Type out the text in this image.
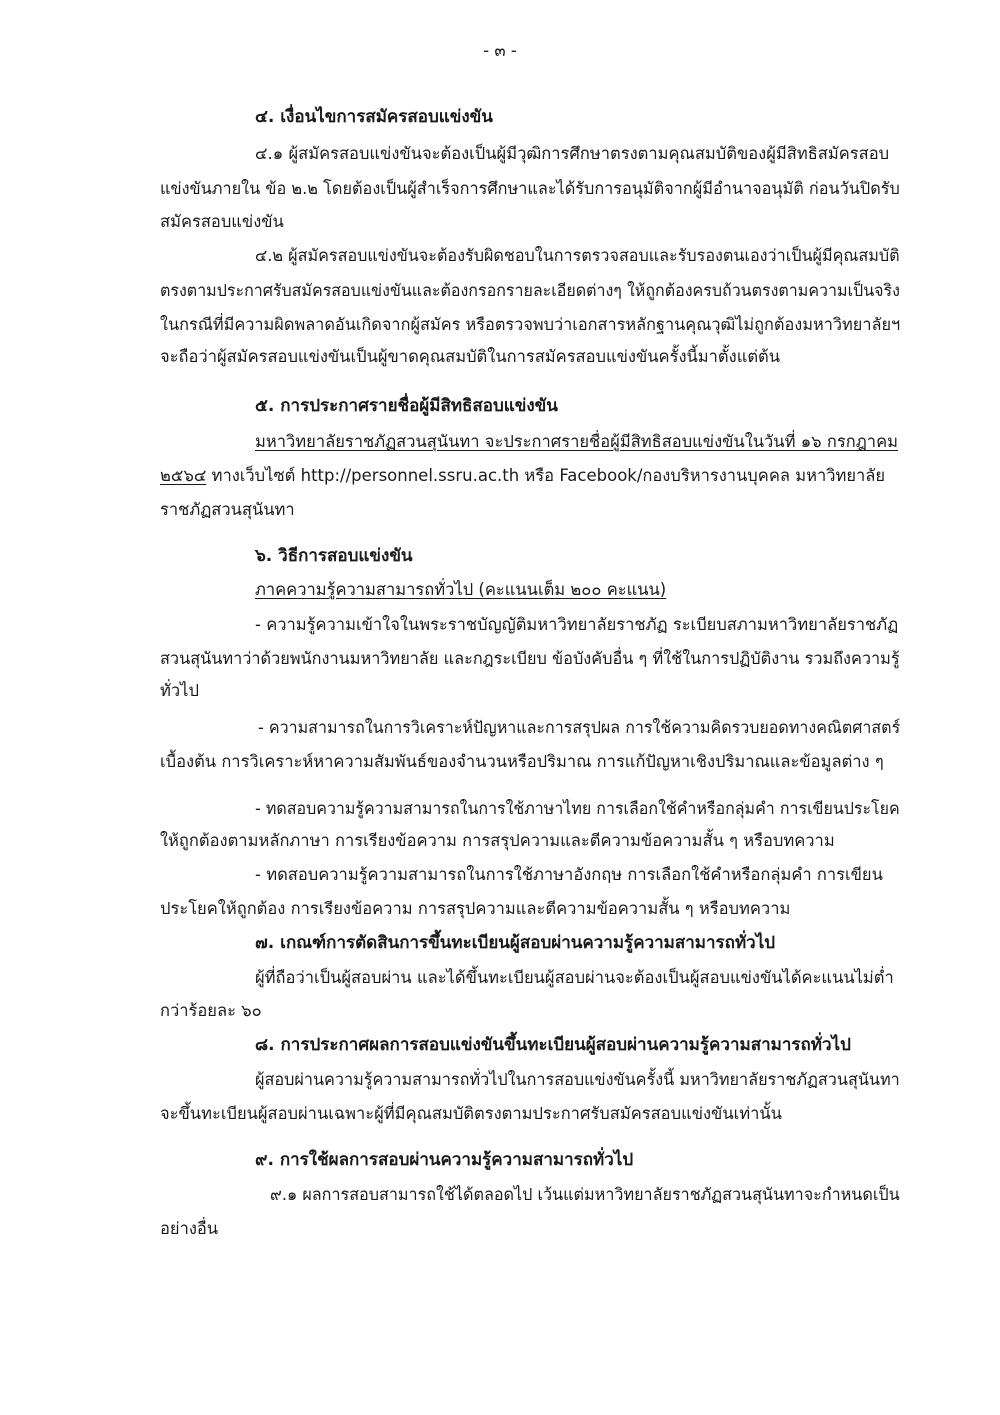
- ๓ -
๔. เงื่อนไขการสมัครสอบแข่งขัน
๔.๑ ผู้สมัครสอบแข่งขันจะต้องเป็นผู้มีวุฒิการศึกษาตรงตามคุณสมบัติของผู้มีสิทธิสมัครสอบ
แข่งขันภายใน ข้อ ๒.๒ โดยต้องเป็นผู้สำเร็จการศึกษาและได้รับการอนุมัติจากผู้มีอำนาจอนุมัติ ก่อนวันปิดรับ
สมัครสอบแข่งขัน
๔.๒ ผู้สมัครสอบแข่งขันจะต้องรับผิดชอบในการตรวจสอบและรับรองตนเองว่าเป็นผู้มีคุณสมบัติ
ตรงตามประกาศรับสมัครสอบแข่งขันและต้องกรอกรายละเอียดต่างๆ ให้ถูกต้องครบถ้วนตรงตามความเป็นจริง
ในกรณีที่มีความผิดพลาดอันเกิดจากผู้สมัคร หรือตรวจพบว่าเอกสารหลักฐานคุณวุฒิไม่ถูกต้องมหาวิทยาลัยฯ
จะถือว่าผู้สมัครสอบแข่งขันเป็นผู้ขาดคุณสมบัติในการสมัครสอบแข่งขันครั้งนี้มาตั้งแต่ต้น
๕. การประกาศรายชื่อผู้มีสิทธิสอบแข่งขัน
มหาวิทยาลัยราชภัฏสวนสุนันทา จะประกาศรายชื่อผู้มีสิทธิสอบแข่งขันในวันที่ ๑๖ กรกฎาคม
๒๕๖๔ ทางเว็บไซต์ http://personnel.ssru.ac.th หรือ Facebook/กองบริหารงานบุคคล มหาวิทยาลัย
ราชภัฏสวนสุนันทา
๖. วิธีการสอบแข่งขัน
ภาคความรู้ความสามารถทั่วไป (คะแนนเต็ม ๒๐๐ คะแนน)
- ความรู้ความเข้าใจในพระราชบัญญัติมหาวิทยาลัยราชภัฏ ระเบียบสภามหาวิทยาลัยราชภัฏ
สวนสุนันทาว่าด้วยพนักงานมหาวิทยาลัย และกฎระเบียบ ข้อบังคับอื่น ๆ ที่ใช้ในการปฏิบัติงาน รวมถึงความรู้
ทั่วไป
- ความสามารถในการวิเคราะห์ปัญหาและการสรุปผล การใช้ความคิดรวบยอดทางคณิตศาสตร์
เบื้องต้น การวิเคราะห์หาความสัมพันธ์ของจำนวนหรือปริมาณ การแก้ปัญหาเชิงปริมาณและข้อมูลต่าง ๆ
- ทดสอบความรู้ความสามารถในการใช้ภาษาไทย การเลือกใช้คำหรือกลุ่มคำ การเขียนประโยค
ให้ถูกต้องตามหลักภาษา การเรียงข้อความ การสรุปความและตีความข้อความสั้น ๆ หรือบทความ
- ทดสอบความรู้ความสามารถในการใช้ภาษาอังกฤษ การเลือกใช้คำหรือกลุ่มคำ การเขียน
ประโยคให้ถูกต้อง การเรียงข้อความ การสรุปความและตีความข้อความสั้น ๆ หรือบทความ
๗. เกณฑ์การตัดสินการขึ้นทะเบียนผู้สอบผ่านความรู้ความสามารถทั่วไป
ผู้ที่ถือว่าเป็นผู้สอบผ่าน และได้ขึ้นทะเบียนผู้สอบผ่านจะต้องเป็นผู้สอบแข่งขันได้คะแนนไม่ต่ำ
กว่าร้อยละ ๖๐
๘. การประกาศผลการสอบแข่งขันขึ้นทะเบียนผู้สอบผ่านความรู้ความสามารถทั่วไป
ผู้สอบผ่านความรู้ความสามารถทั่วไปในการสอบแข่งขันครั้งนี้ มหาวิทยาลัยราชภัฏสวนสุนันทา
จะขึ้นทะเบียนผู้สอบผ่านเฉพาะผู้ที่มีคุณสมบัติตรงตามประกาศรับสมัครสอบแข่งขันเท่านั้น
๙. การใช้ผลการสอบผ่านความรู้ความสามารถทั่วไป
๙.๑ ผลการสอบสามารถใช้ได้ตลอดไป เว้นแต่มหาวิทยาลัยราชภัฏสวนสุนันทาจะกำหนดเป็น
อย่างอื่น
